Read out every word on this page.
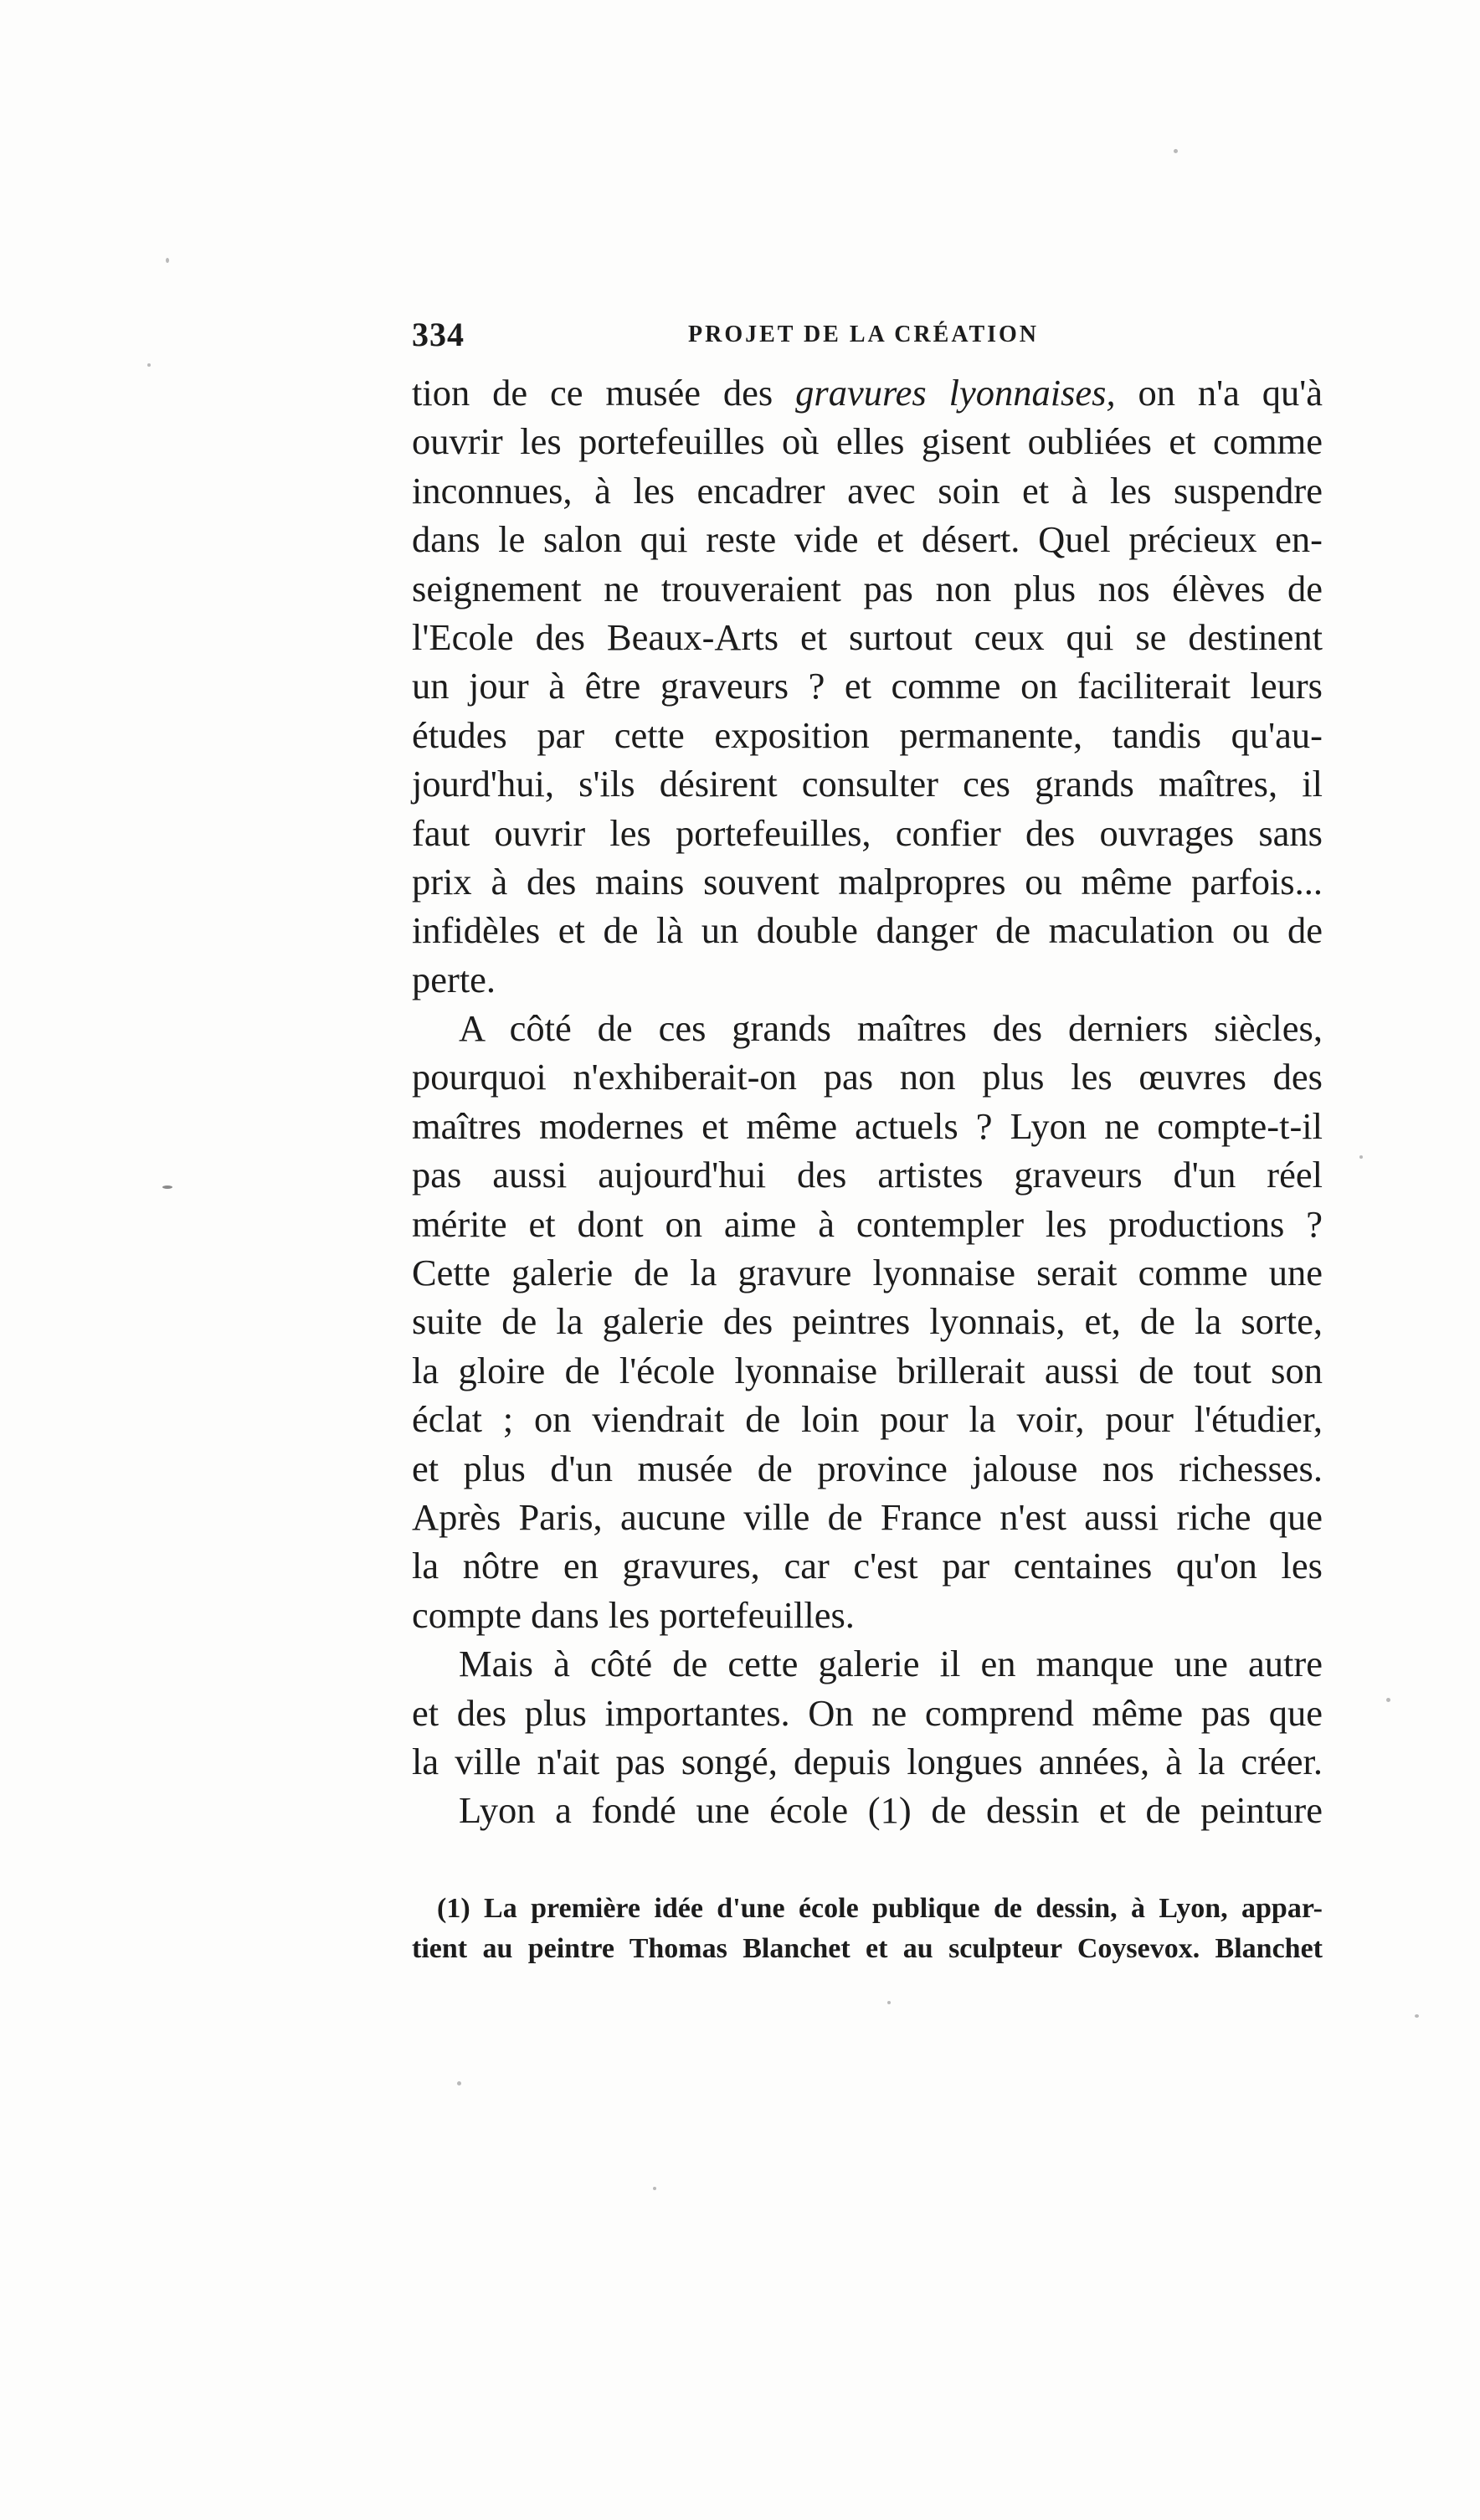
334	PROJET DE LA CRÉATION
tion de ce musée des gravures lyonnaises, on n'a qu'à
ouvrir les portefeuilles où elles gisent oubliées et comme
inconnues, à les encadrer avec soin et à les suspendre
dans le salon qui reste vide et désert. Quel précieux en-
seignement ne trouveraient pas non plus nos élèves de
l'Ecole des Beaux-Arts et surtout ceux qui se destinent
un jour à être graveurs ? et comme on faciliterait leurs
études par cette exposition permanente, tandis qu'au-
jourd'hui, s'ils désirent consulter ces grands maîtres, il
faut ouvrir les portefeuilles, confier des ouvrages sans
prix à des mains souvent malpropres ou même parfois...
infidèles et de là un double danger de maculation ou de
perte.
A côté de ces grands maîtres des derniers siècles,
pourquoi n'exhiberait-on pas non plus les œuvres des
maîtres modernes et même actuels ? Lyon ne compte-t-il
pas aussi aujourd'hui des artistes graveurs d'un réel
mérite et dont on aime à contempler les productions ?
Cette galerie de la gravure lyonnaise serait comme une
suite de la galerie des peintres lyonnais, et, de la sorte,
la gloire de l'école lyonnaise brillerait aussi de tout son
éclat ; on viendrait de loin pour la voir, pour l'étudier,
et plus d'un musée de province jalouse nos richesses.
Après Paris, aucune ville de France n'est aussi riche que
la nôtre en gravures, car c'est par centaines qu'on les
compte dans les portefeuilles.
Mais à côté de cette galerie il en manque une autre
et des plus importantes. On ne comprend même pas que
la ville n'ait pas songé, depuis longues années, à la créer.
Lyon a fondé une école (1) de dessin et de peinture
(1) La première idée d'une école publique de dessin, à Lyon, appar-
tient au peintre Thomas Blanchet et au sculpteur Coysevox. Blanchet
